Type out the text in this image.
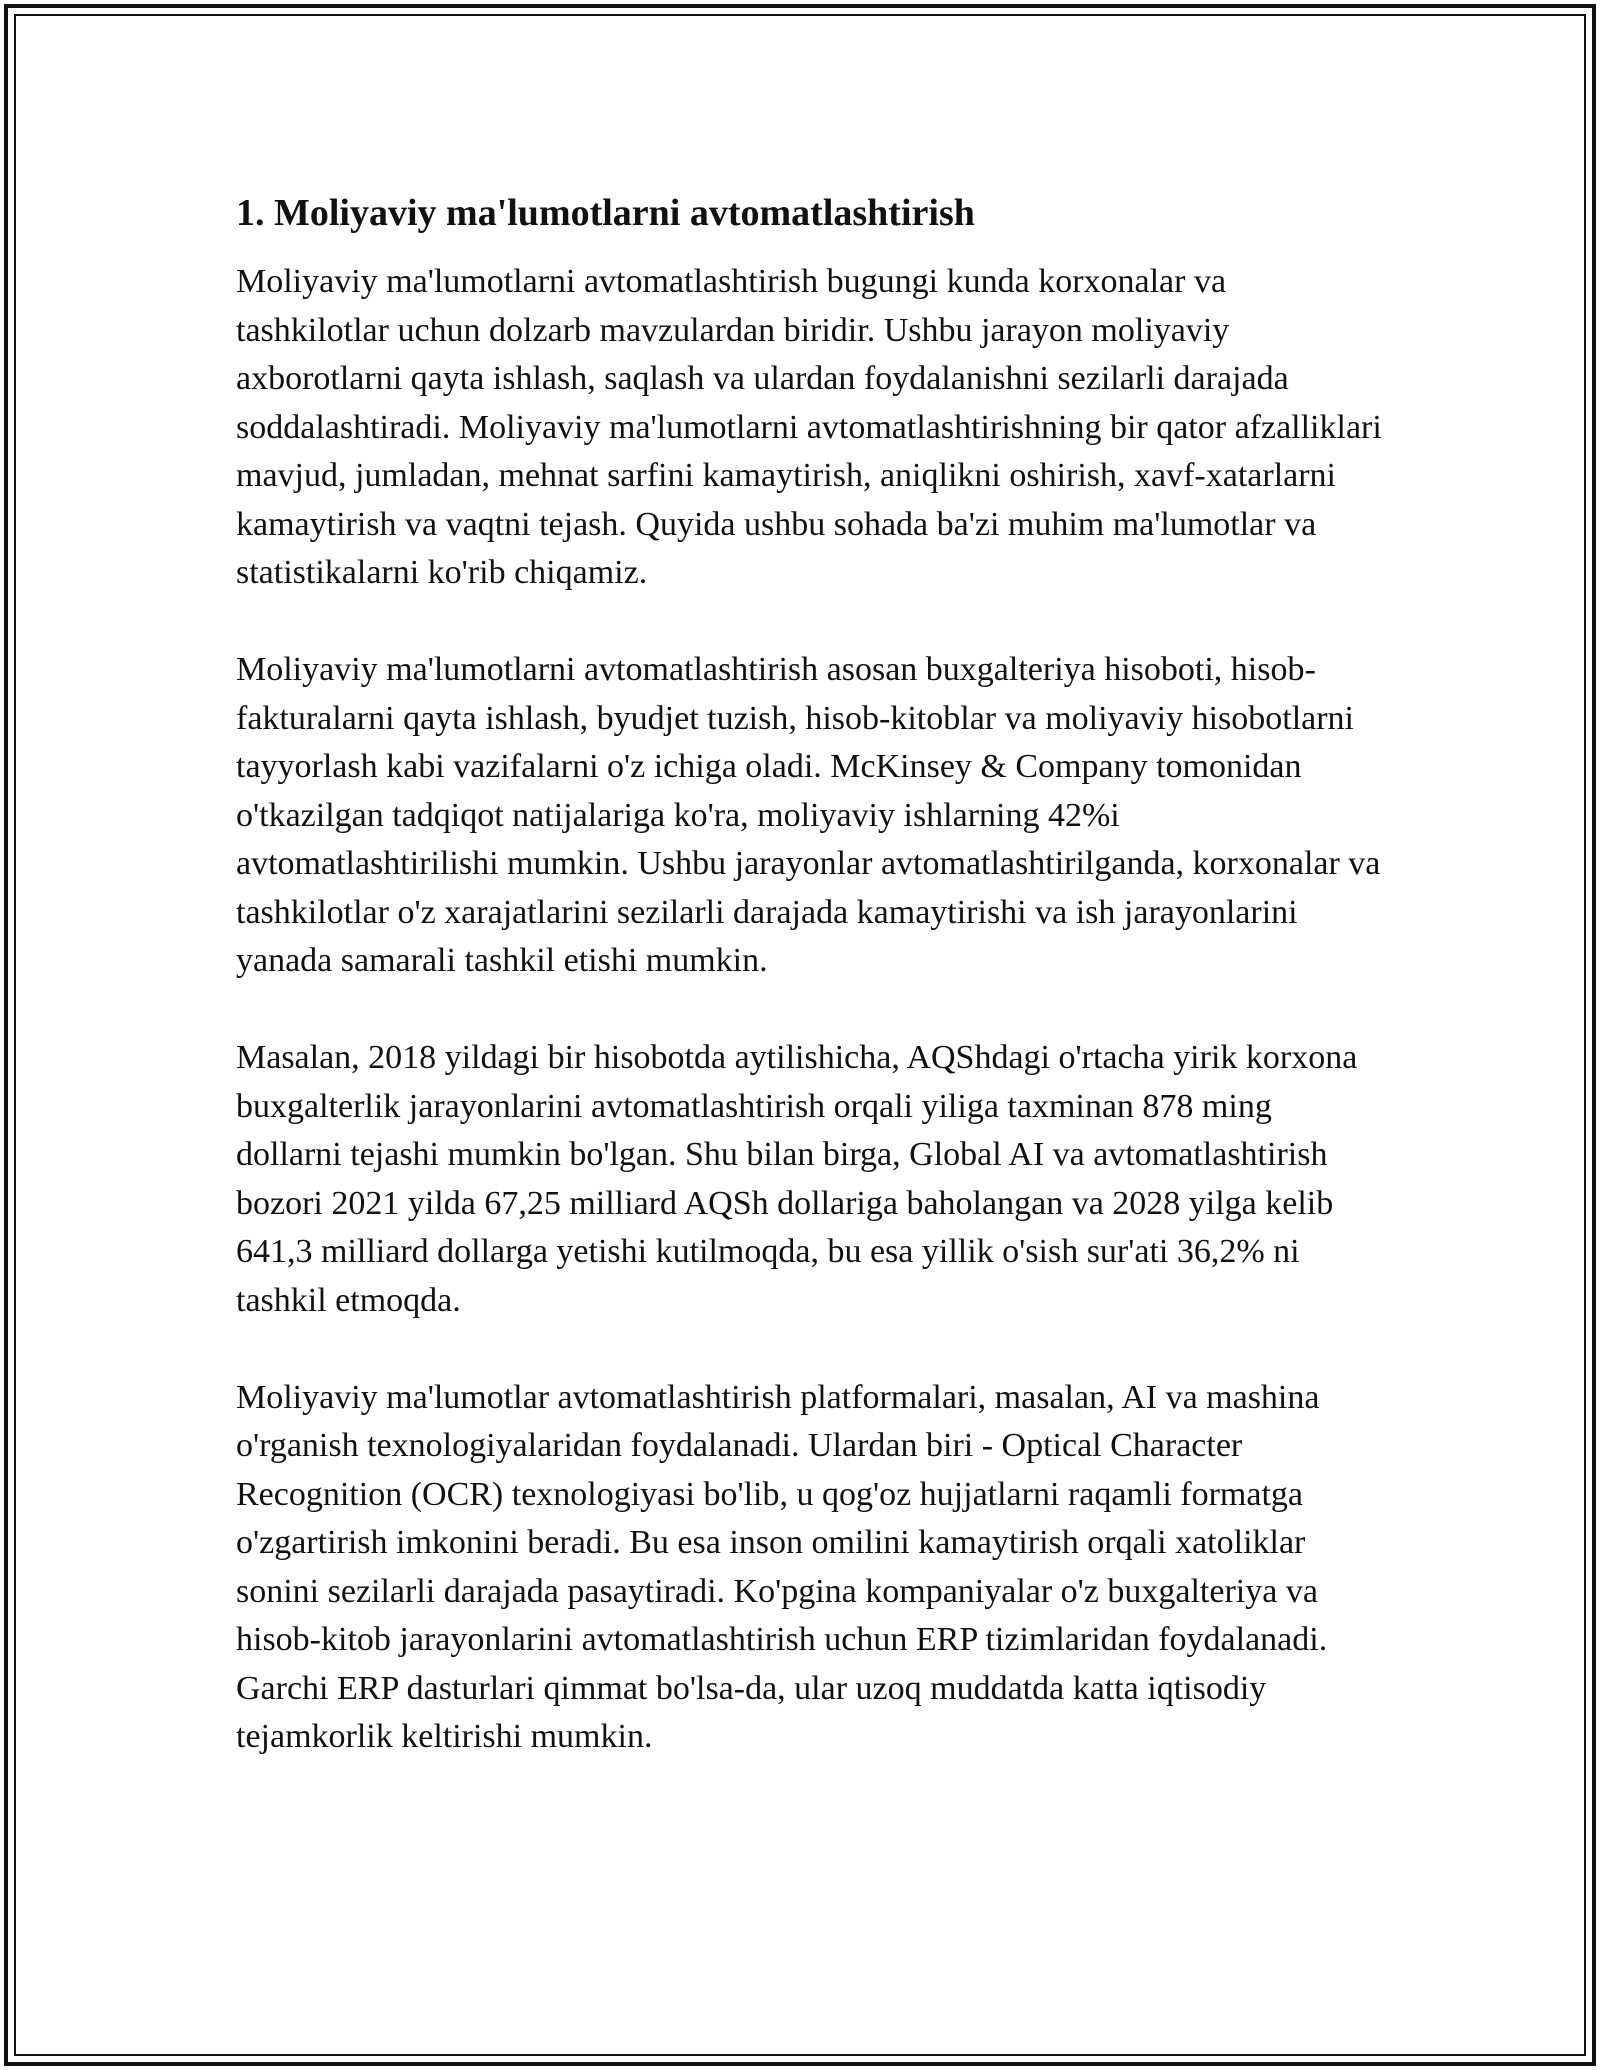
1. Moliyaviy ma'lumotlarni avtomatlashtirish

Moliyaviy ma'lumotlarni avtomatlashtirish bugungi kunda korxonalar va tashkilotlar uchun dolzarb mavzulardan biridir. Ushbu jarayon moliyaviy axborotlarni qayta ishlash, saqlash va ulardan foydalanishni sezilarli darajada soddalashtiradi. Moliyaviy ma'lumotlarni avtomatlashtirishning bir qator afzalliklari mavjud, jumladan, mehnat sarfini kamaytirish, aniqlikni oshirish, xavf-xatarlarni kamaytirish va vaqtni tejash. Quyida ushbu sohada ba'zi muhim ma'lumotlar va statistikalarni ko'rib chiqamiz.

Moliyaviy ma'lumotlarni avtomatlashtirish asosan buxgalteriya hisoboti, hisob-fakturalarni qayta ishlash, byudjet tuzish, hisob-kitoblar va moliyaviy hisobotlarni tayyorlash kabi vazifalarni o'z ichiga oladi. McKinsey & Company tomonidan o'tkazilgan tadqiqot natijalariga ko'ra, moliyaviy ishlarning 42%i avtomatlashtirilishi mumkin. Ushbu jarayonlar avtomatlashtirilganda, korxonalar va tashkilotlar o'z xarajatlarini sezilarli darajada kamaytirishi va ish jarayonlarini yanada samarali tashkil etishi mumkin.

Masalan, 2018 yildagi bir hisobotda aytilishicha, AQShdagi o'rtacha yirik korxona buxgalterlik jarayonlarini avtomatlashtirish orqali yiliga taxminan 878 ming dollarni tejashi mumkin bo'lgan. Shu bilan birga, Global AI va avtomatlashtirish bozori 2021 yilda 67,25 milliard AQSh dollariga baholangan va 2028 yilga kelib 641,3 milliard dollarga yetishi kutilmoqda, bu esa yillik o'sish sur'ati 36,2% ni tashkil etmoqda.

Moliyaviy ma'lumotlar avtomatlashtirish platformalari, masalan, AI va mashina o'rganish texnologiyalaridan foydalanadi. Ulardan biri - Optical Character Recognition (OCR) texnologiyasi bo'lib, u qog'oz hujjatlarni raqamli formatga o'zgartirish imkonini beradi. Bu esa inson omilini kamaytirish orqali xatoliklar sonini sezilarli darajada pasaytiradi. Ko'pgina kompaniyalar o'z buxgalteriya va hisob-kitob jarayonlarini avtomatlashtirish uchun ERP tizimlaridan foydalanadi. Garchi ERP dasturlari qimmat bo'lsa-da, ular uzoq muddatda katta iqtisodiy tejamkorlik keltirishi mumkin.
